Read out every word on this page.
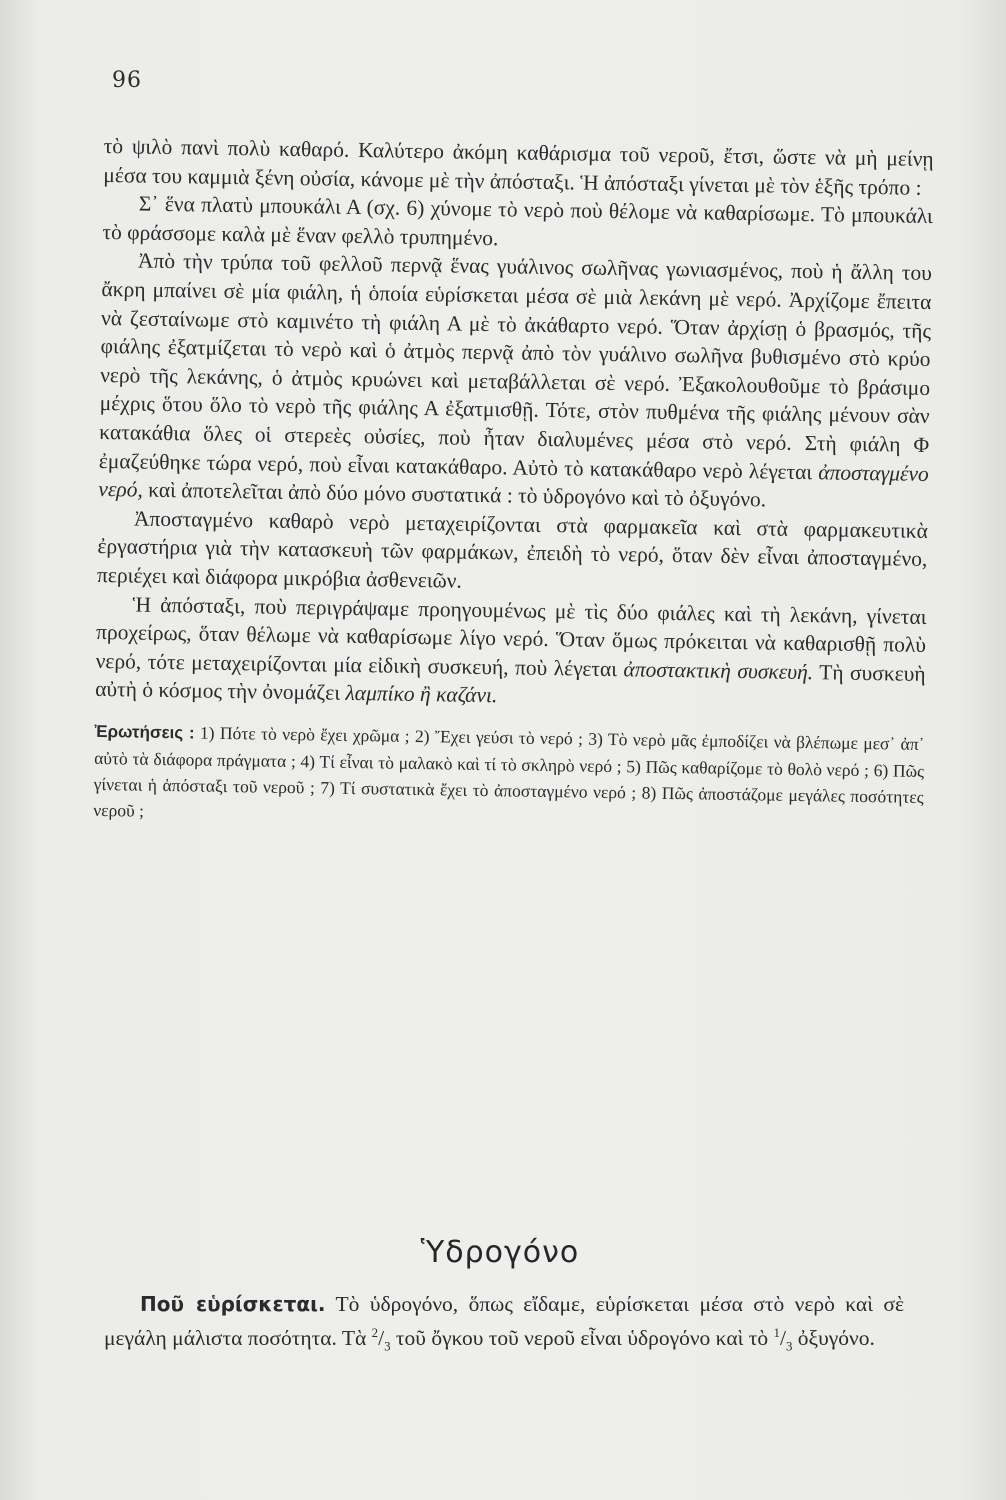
96

τὸ ψιλὸ πανὶ πολὺ καθαρό. Καλύτερο ἀκόμη καθάρισμα τοῦ νεροῦ, ἔτσι, ὥστε νὰ μὴ μείνῃ μέσα του καμμιὰ ξένη οὐσία, κάνομε μὲ τὴν ἀπόσταξι. Ἡ ἀπόσταξι γίνεται μὲ τὸν ἑξῆς τρόπο :

Σ᾽ ἕνα πλατὺ μπουκάλι Α (σχ. 6) χύνομε τὸ νερὸ ποὺ θέλομε νὰ καθαρίσωμε. Τὸ μπουκάλι τὸ φράσσομε καλὰ μὲ ἕναν φελλὸ τρυπημένο.

Ἀπὸ τὴν τρύπα τοῦ φελλοῦ περνᾷ ἕνας γυάλινος σωλῆνας γωνιασμένος, ποὺ ἡ ἄλλη του ἄκρη μπαίνει σὲ μία φιάλη, ἡ ὁποία εὑρίσκεται μέσα σὲ μιὰ λεκάνη μὲ νερό. Ἀρχίζομε ἔπειτα νὰ ζεσταίνωμε στὸ καμινέτο τὴ φιάλη Α μὲ τὸ ἀκάθαρτο νερό. Ὅταν ἀρχίσῃ ὁ βρασμός, τῆς φιάλης ἐξατμίζεται τὸ νερὸ καὶ ὁ ἀτμὸς περνᾷ ἀπὸ τὸν γυάλινο σωλῆνα βυθισμένο στὸ κρύο νερὸ τῆς λεκάνης, ὁ ἀτμὸς κρυώνει καὶ μεταβάλλεται σὲ νερό. Ἐξακολουθοῦμε τὸ βράσιμο μέχρις ὅτου ὅλο τὸ νερὸ τῆς φιάλης Α ἐξατμισθῇ. Τότε, στὸν πυθμένα τῆς φιάλης μένουν σὰν κατακάθια ὅλες οἱ στερεὲς οὐσίες, ποὺ ἦταν διαλυμένες μέσα στὸ νερό. Στὴ φιάλη Φ ἐμαζεύθηκε τώρα νερό, ποὺ εἶναι κατακάθαρο. Αὐτὸ τὸ κατακάθαρο νερὸ λέγεται ἀποσταγμένο νερό, καὶ ἀποτελεῖται ἀπὸ δύο μόνο συστατικά : τὸ ὑδρογόνο καὶ τὸ ὀξυγόνο.

Ἀποσταγμένο καθαρὸ νερὸ μεταχειρίζονται στὰ φαρμακεῖα καὶ στὰ φαρμακευτικὰ ἐργαστήρια γιὰ τὴν κατασκευὴ τῶν φαρμάκων, ἐπειδὴ τὸ νερό, ὅταν δὲν εἶναι ἀποσταγμένο, περιέχει καὶ διάφορα μικρόβια ἀσθενειῶν.

Ἡ ἀπόσταξι, ποὺ περιγράψαμε προηγουμένως μὲ τὶς δύο φιάλες καὶ τὴ λεκάνη, γίνεται προχείρως, ὅταν θέλωμε νὰ καθαρίσωμε λίγο νερό. Ὅταν ὅμως πρόκειται νὰ καθαρισθῇ πολὺ νερό, τότε μεταχειρίζονται μία εἰδικὴ συσκευή, ποὺ λέγεται ἀποστακτικὴ συσκευή. Τὴ συσκευὴ αὐτὴ ὁ κόσμος τὴν ὀνομάζει λαμπίκο ἢ καζάνι.

Ἐρωτήσεις : 1) Πότε τὸ νερὸ ἔχει χρῶμα ; 2) Ἔχει γεύσι τὸ νερό ; 3) Τὸ νερὸ μᾶς ἐμποδίζει νὰ βλέπωμε μεσ᾽ ἀπ᾽ αὐτὸ τὰ διάφορα πράγματα ; 4) Τί εἶναι τὸ μαλακὸ καὶ τί τὸ σκληρὸ νερό ; 5) Πῶς καθαρίζομε τὸ θολὸ νερό ; 6) Πῶς γίνεται ἡ ἀπόσταξι τοῦ νεροῦ ; 7) Τί συστατικὰ ἔχει τὸ ἀποσταγμένο νερό ; 8) Πῶς ἀποστάζομε μεγάλες ποσότητες νεροῦ ;

Ὑδρογόνο

Ποῦ εὑρίσκεται. Τὸ ὑδρογόνο, ὅπως εἴδαμε, εὑρίσκεται μέσα στὸ νερὸ καὶ σὲ μεγάλη μάλιστα ποσότητα. Τὰ $^2/_3$ τοῦ ὄγκου τοῦ νεροῦ εἶναι ὑδρογόνο καὶ τὸ $^1/_3$ ὀξυγόνο.
